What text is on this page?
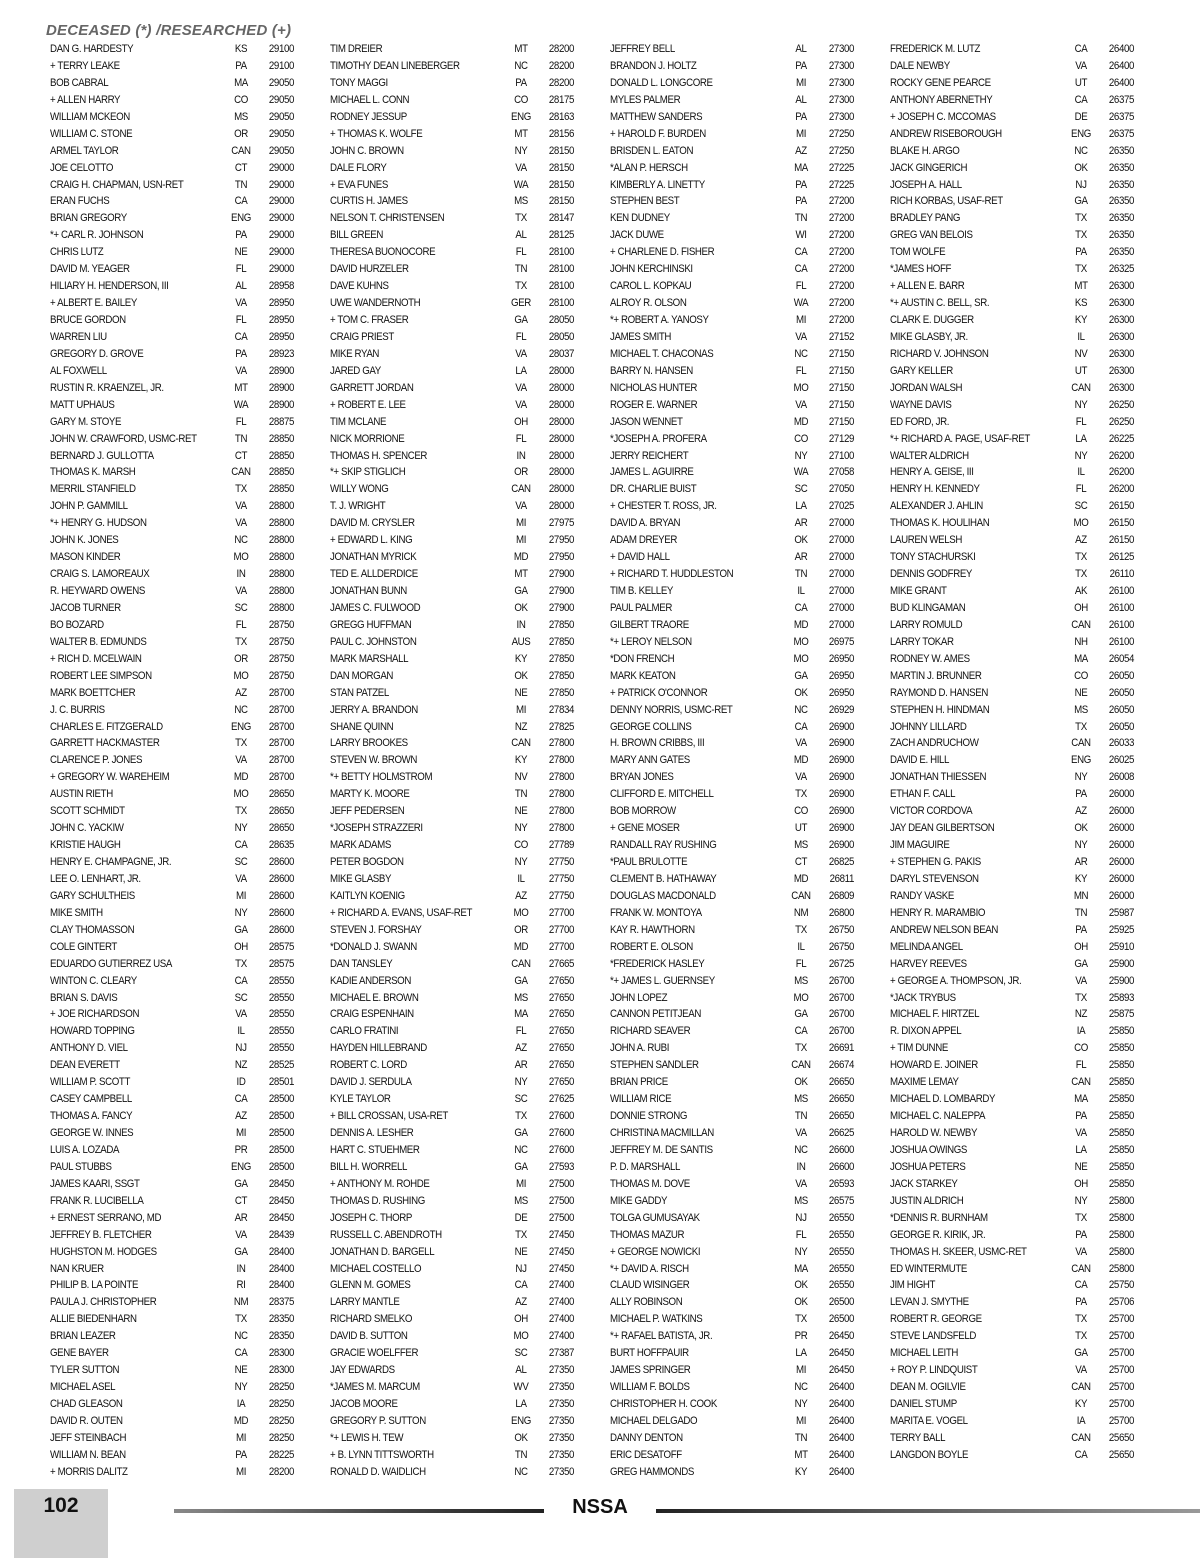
DECEASED (*) /RESEARCHED (+)
DAN G. HARDESTY	KS	29100
+ TERRY LEAKE	PA	29100
BOB CABRAL	MA	29050
+ ALLEN HARRY	CO	29050
WILLIAM MCKEON	MS	29050
WILLIAM C. STONE	OR	29050
ARMEL TAYLOR	CAN	29050
JOE CELOTTO	CT	29000
CRAIG H. CHAPMAN, USN-RET	TN	29000
ERAN FUCHS	CA	29000
BRIAN GREGORY	ENG	29000
*+ CARL R. JOHNSON	PA	29000
CHRIS LUTZ	NE	29000
DAVID M. YEAGER	FL	29000
HILIARY H. HENDERSON, III	AL	28958
+ ALBERT E. BAILEY	VA	28950
BRUCE GORDON	FL	28950
WARREN LIU	CA	28950
GREGORY D. GROVE	PA	28923
AL FOXWELL	VA	28900
RUSTIN R. KRAENZEL, JR.	MT	28900
MATT UPHAUS	WA	28900
GARY M. STOYE	FL	28875
JOHN W. CRAWFORD, USMC-RET	TN	28850
BERNARD J. GULLOTTA	CT	28850
THOMAS K. MARSH	CAN	28850
MERRIL STANFIELD	TX	28850
JOHN P. GAMMILL	VA	28800
*+ HENRY G. HUDSON	VA	28800
JOHN K. JONES	NC	28800
MASON KINDER	MO	28800
CRAIG S. LAMOREAUX	IN	28800
R. HEYWARD OWENS	VA	28800
JACOB TURNER	SC	28800
BO BOZARD	FL	28750
WALTER B. EDMUNDS	TX	28750
+ RICH D. MCELWAIN	OR	28750
ROBERT LEE SIMPSON	MO	28750
MARK BOETTCHER	AZ	28700
J. C. BURRIS	NC	28700
CHARLES E. FITZGERALD	ENG	28700
GARRETT HACKMASTER	TX	28700
CLARENCE P. JONES	VA	28700
+ GREGORY W. WAREHEIM	MD	28700
AUSTIN RIETH	MO	28650
SCOTT SCHMIDT	TX	28650
JOHN C. YACKIW	NY	28650
KRISTIE HAUGH	CA	28635
HENRY E. CHAMPAGNE, JR.	SC	28600
LEE O. LENHART, JR.	VA	28600
GARY SCHULTHEIS	MI	28600
MIKE SMITH	NY	28600
CLAY THOMASSON	GA	28600
COLE GINTERT	OH	28575
EDUARDO GUTIERREZ USA	TX	28575
WINTON C. CLEARY	CA	28550
BRIAN S. DAVIS	SC	28550
+ JOE RICHARDSON	VA	28550
HOWARD TOPPING	IL	28550
ANTHONY D. VIEL	NJ	28550
DEAN EVERETT	NZ	28525
WILLIAM P. SCOTT	ID	28501
CASEY CAMPBELL	CA	28500
THOMAS A. FANCY	AZ	28500
GEORGE W. INNES	MI	28500
LUIS A. LOZADA	PR	28500
PAUL STUBBS	ENG	28500
JAMES KAARI, SSGT	GA	28450
FRANK R. LUCIBELLA	CT	28450
+ ERNEST SERRANO, MD	AR	28450
JEFFREY B. FLETCHER	VA	28439
HUGHSTON M. HODGES	GA	28400
NAN KRUER	IN	28400
PHILIP B. LA POINTE	RI	28400
PAULA J. CHRISTOPHER	NM	28375
ALLIE BIEDENHARN	TX	28350
BRIAN LEAZER	NC	28350
GENE BAYER	CA	28300
TYLER SUTTON	NE	28300
MICHAEL ASEL	NY	28250
CHAD GLEASON	IA	28250
DAVID R. OUTEN	MD	28250
JEFF STEINBACH	MI	28250
WILLIAM N. BEAN	PA	28225
+ MORRIS DALITZ	MI	28200
TIM DREIER	MT	28200
TIMOTHY DEAN LINEBERGER	NC	28200
TONY MAGGI	PA	28200
MICHAEL L. CONN	CO	28175
RODNEY JESSUP	ENG	28163
+ THOMAS K. WOLFE	MT	28156
JOHN C. BROWN	NY	28150
DALE FLORY	VA	28150
+ EVA FUNES	WA	28150
CURTIS H. JAMES	MS	28150
NELSON T. CHRISTENSEN	TX	28147
BILL GREEN	AL	28125
THERESA BUONOCORE	FL	28100
DAVID HURZELER	TN	28100
DAVE KUHNS	TX	28100
UWE WANDERNOTH	GER	28100
+ TOM C. FRASER	GA	28050
CRAIG PRIEST	FL	28050
MIKE RYAN	VA	28037
JARED GAY	LA	28000
GARRETT JORDAN	VA	28000
+ ROBERT E. LEE	VA	28000
TIM MCLANE	OH	28000
NICK MORRIONE	FL	28000
THOMAS H. SPENCER	IN	28000
*+ SKIP STIGLICH	OR	28000
WILLY WONG	CAN	28000
T. J. WRIGHT	VA	28000
DAVID M. CRYSLER	MI	27975
+ EDWARD L. KING	MI	27950
JONATHAN MYRICK	MD	27950
TED E. ALLDERDICE	MT	27900
JONATHAN BUNN	GA	27900
JAMES C. FULWOOD	OK	27900
GREGG HUFFMAN	IN	27850
PAUL C. JOHNSTON	AUS	27850
MARK MARSHALL	KY	27850
DAN MORGAN	OK	27850
STAN PATZEL	NE	27850
JERRY A. BRANDON	MI	27834
SHANE QUINN	NZ	27825
LARRY BROOKES	CAN	27800
STEVEN W. BROWN	KY	27800
*+ BETTY HOLMSTROM	NV	27800
MARTY K. MOORE	TN	27800
JEFF PEDERSEN	NE	27800
*JOSEPH STRAZZERI	NY	27800
MARK ADAMS	CO	27789
PETER BOGDON	NY	27750
MIKE GLASBY	IL	27750
KAITLYN KOENIG	AZ	27750
+ RICHARD A. EVANS, USAF-RET	MO	27700
STEVEN J. FORSHAY	OR	27700
*DONALD J. SWANN	MD	27700
DAN TANSLEY	CAN	27665
KADIE ANDERSON	GA	27650
MICHAEL E. BROWN	MS	27650
CRAIG ESPENHAIN	MA	27650
CARLO FRATINI	FL	27650
HAYDEN HILLEBRAND	AZ	27650
ROBERT C. LORD	AR	27650
DAVID J. SERDULA	NY	27650
KYLE TAYLOR	SC	27625
+ BILL CROSSAN, USA-RET	TX	27600
DENNIS A. LESHER	GA	27600
HART C. STUEHMER	NC	27600
BILL H. WORRELL	GA	27593
+ ANTHONY M. ROHDE	MI	27500
THOMAS D. RUSHING	MS	27500
JOSEPH C. THORP	DE	27500
RUSSELL C. ABENDROTH	TX	27450
JONATHAN D. BARGELL	NE	27450
MICHAEL COSTELLO	NJ	27450
GLENN M. GOMES	CA	27400
LARRY MANTLE	AZ	27400
RICHARD SMELKO	OH	27400
DAVID B. SUTTON	MO	27400
GRACIE WOELFFER	SC	27387
JAY EDWARDS	AL	27350
*JAMES M. MARCUM	WV	27350
JACOB MOORE	LA	27350
GREGORY P. SUTTON	ENG	27350
*+ LEWIS H. TEW	OK	27350
+ B. LYNN TITTSWORTH	TN	27350
RONALD D. WAIDLICH	NC	27350
JEFFREY BELL	AL	27300
BRANDON J. HOLTZ	PA	27300
DONALD L. LONGCORE	MI	27300
MYLES PALMER	AL	27300
MATTHEW SANDERS	PA	27300
+ HAROLD F. BURDEN	MI	27250
BRISDEN L. EATON	AZ	27250
*ALAN P. HERSCH	MA	27225
KIMBERLY A. LINETTY	PA	27225
STEPHEN BEST	PA	27200
KEN DUDNEY	TN	27200
JACK DUWE	WI	27200
+ CHARLENE D. FISHER	CA	27200
JOHN KERCHINSKI	CA	27200
CAROL L. KOPKAU	FL	27200
ALROY R. OLSON	WA	27200
*+ ROBERT A. YANOSY	MI	27200
JAMES SMITH	VA	27152
MICHAEL T. CHACONAS	NC	27150
BARRY N. HANSEN	FL	27150
NICHOLAS HUNTER	MO	27150
ROGER E. WARNER	VA	27150
JASON WENNET	MD	27150
*JOSEPH A. PROFERA	CO	27129
JERRY REICHERT	NY	27100
JAMES L. AGUIRRE	WA	27058
DR. CHARLIE BUIST	SC	27050
+ CHESTER T. ROSS, JR.	LA	27025
DAVID A. BRYAN	AR	27000
ADAM DREYER	OK	27000
+ DAVID HALL	AR	27000
+ RICHARD T. HUDDLESTON	TN	27000
TIM B. KELLEY	IL	27000
PAUL PALMER	CA	27000
GILBERT TRAORE	MD	27000
*+ LEROY NELSON	MO	26975
*DON FRENCH	MO	26950
MARK KEATON	GA	26950
+ PATRICK O'CONNOR	OK	26950
DENNY NORRIS, USMC-RET	NC	26929
GEORGE COLLINS	CA	26900
H. BROWN CRIBBS, III	VA	26900
MARY ANN GATES	MD	26900
BRYAN JONES	VA	26900
CLIFFORD E. MITCHELL	TX	26900
BOB MORROW	CO	26900
+ GENE MOSER	UT	26900
RANDALL RAY RUSHING	MS	26900
*PAUL BRULOTTE	CT	26825
CLEMENT B. HATHAWAY	MD	26811
DOUGLAS MACDONALD	CAN	26809
FRANK W. MONTOYA	NM	26800
KAY R. HAWTHORN	TX	26750
ROBERT E. OLSON	IL	26750
*FREDERICK HASLEY	FL	26725
*+ JAMES L. GUERNSEY	MS	26700
JOHN LOPEZ	MO	26700
CANNON PETITJEAN	GA	26700
RICHARD SEAVER	CA	26700
JOHN A. RUBI	TX	26691
STEPHEN SANDLER	CAN	26674
BRIAN PRICE	OK	26650
WILLIAM RICE	MS	26650
DONNIE STRONG	TN	26650
CHRISTINA MACMILLAN	VA	26625
JEFFREY M. DE SANTIS	NC	26600
P. D. MARSHALL	IN	26600
THOMAS M. DOVE	VA	26593
MIKE GADDY	MS	26575
TOLGA GUMUSAYAK	NJ	26550
THOMAS MAZUR	FL	26550
+ GEORGE NOWICKI	NY	26550
*+ DAVID A. RISCH	MA	26550
CLAUD WISINGER	OK	26550
ALLY ROBINSON	OK	26500
MICHAEL P. WATKINS	TX	26500
*+ RAFAEL BATISTA, JR.	PR	26450
BURT HOFFPAUIR	LA	26450
JAMES SPRINGER	MI	26450
WILLIAM F. BOLDS	NC	26400
CHRISTOPHER H. COOK	NY	26400
MICHAEL DELGADO	MI	26400
DANNY DENTON	TN	26400
ERIC DESATOFF	MT	26400
GREG HAMMONDS	KY	26400
FREDERICK M. LUTZ	CA	26400
DALE NEWBY	VA	26400
ROCKY GENE PEARCE	UT	26400
ANTHONY ABERNETHY	CA	26375
+ JOSEPH C. MCCOMAS	DE	26375
ANDREW RISEBOROUGH	ENG	26375
BLAKE H. ARGO	NC	26350
JACK GINGERICH	OK	26350
JOSEPH A. HALL	NJ	26350
RICH KORBAS, USAF-RET	GA	26350
BRADLEY PANG	TX	26350
GREG VAN BELOIS	TX	26350
TOM WOLFE	PA	26350
*JAMES HOFF	TX	26325
+ ALLEN E. BARR	MT	26300
*+ AUSTIN C. BELL, SR.	KS	26300
CLARK E. DUGGER	KY	26300
MIKE GLASBY, JR.	IL	26300
RICHARD V. JOHNSON	NV	26300
GARY KELLER	UT	26300
JORDAN WALSH	CAN	26300
WAYNE DAVIS	NY	26250
ED FORD, JR.	FL	26250
*+ RICHARD A. PAGE, USAF-RET	LA	26225
WALTER ALDRICH	NY	26200
HENRY A. GEISE, III	IL	26200
HENRY H. KENNEDY	FL	26200
ALEXANDER J. AHLIN	SC	26150
THOMAS K. HOULIHAN	MO	26150
LAUREN WELSH	AZ	26150
TONY STACHURSKI	TX	26125
DENNIS GODFREY	TX	26110
MIKE GRANT	AK	26100
BUD KLINGAMAN	OH	26100
LARRY ROMULD	CAN	26100
LARRY TOKAR	NH	26100
RODNEY W. AMES	MA	26054
MARTIN J. BRUNNER	CO	26050
RAYMOND D. HANSEN	NE	26050
STEPHEN H. HINDMAN	MS	26050
JOHNNY LILLARD	TX	26050
ZACH ANDRUCHOW	CAN	26033
DAVID E. HILL	ENG	26025
JONATHAN THIESSEN	NY	26008
ETHAN F. CALL	PA	26000
VICTOR CORDOVA	AZ	26000
JAY DEAN GILBERTSON	OK	26000
JIM MAGUIRE	NY	26000
+ STEPHEN G. PAKIS	AR	26000
DARYL STEVENSON	KY	26000
RANDY VASKE	MN	26000
HENRY R. MARAMBIO	TN	25987
ANDREW NELSON BEAN	PA	25925
MELINDA ANGEL	OH	25910
HARVEY REEVES	GA	25900
+ GEORGE A. THOMPSON, JR.	VA	25900
*JACK TRYBUS	TX	25893
MICHAEL F. HIRTZEL	NZ	25875
R. DIXON APPEL	IA	25850
+ TIM DUNNE	CO	25850
HOWARD E. JOINER	FL	25850
MAXIME LEMAY	CAN	25850
MICHAEL D. LOMBARDY	MA	25850
MICHAEL C. NALEPPA	PA	25850
HAROLD W. NEWBY	VA	25850
JOSHUA OWINGS	LA	25850
JOSHUA PETERS	NE	25850
JACK STARKEY	OH	25850
JUSTIN ALDRICH	NY	25800
*DENNIS R. BURNHAM	TX	25800
GEORGE R. KIRIK, JR.	PA	25800
THOMAS H. SKEER, USMC-RET	VA	25800
ED WINTERMUTE	CAN	25800
JIM HIGHT	CA	25750
LEVAN J. SMYTHE	PA	25706
ROBERT R. GEORGE	TX	25700
STEVE LANDSFELD	TX	25700
MICHAEL LEITH	GA	25700
+ ROY P. LINDQUIST	VA	25700
DEAN M. OGILVIE	CAN	25700
DANIEL STUMP	KY	25700
MARITA E. VOGEL	IA	25700
TERRY BALL	CAN	25650
LANGDON BOYLE	CA	25650
102	NSSA
